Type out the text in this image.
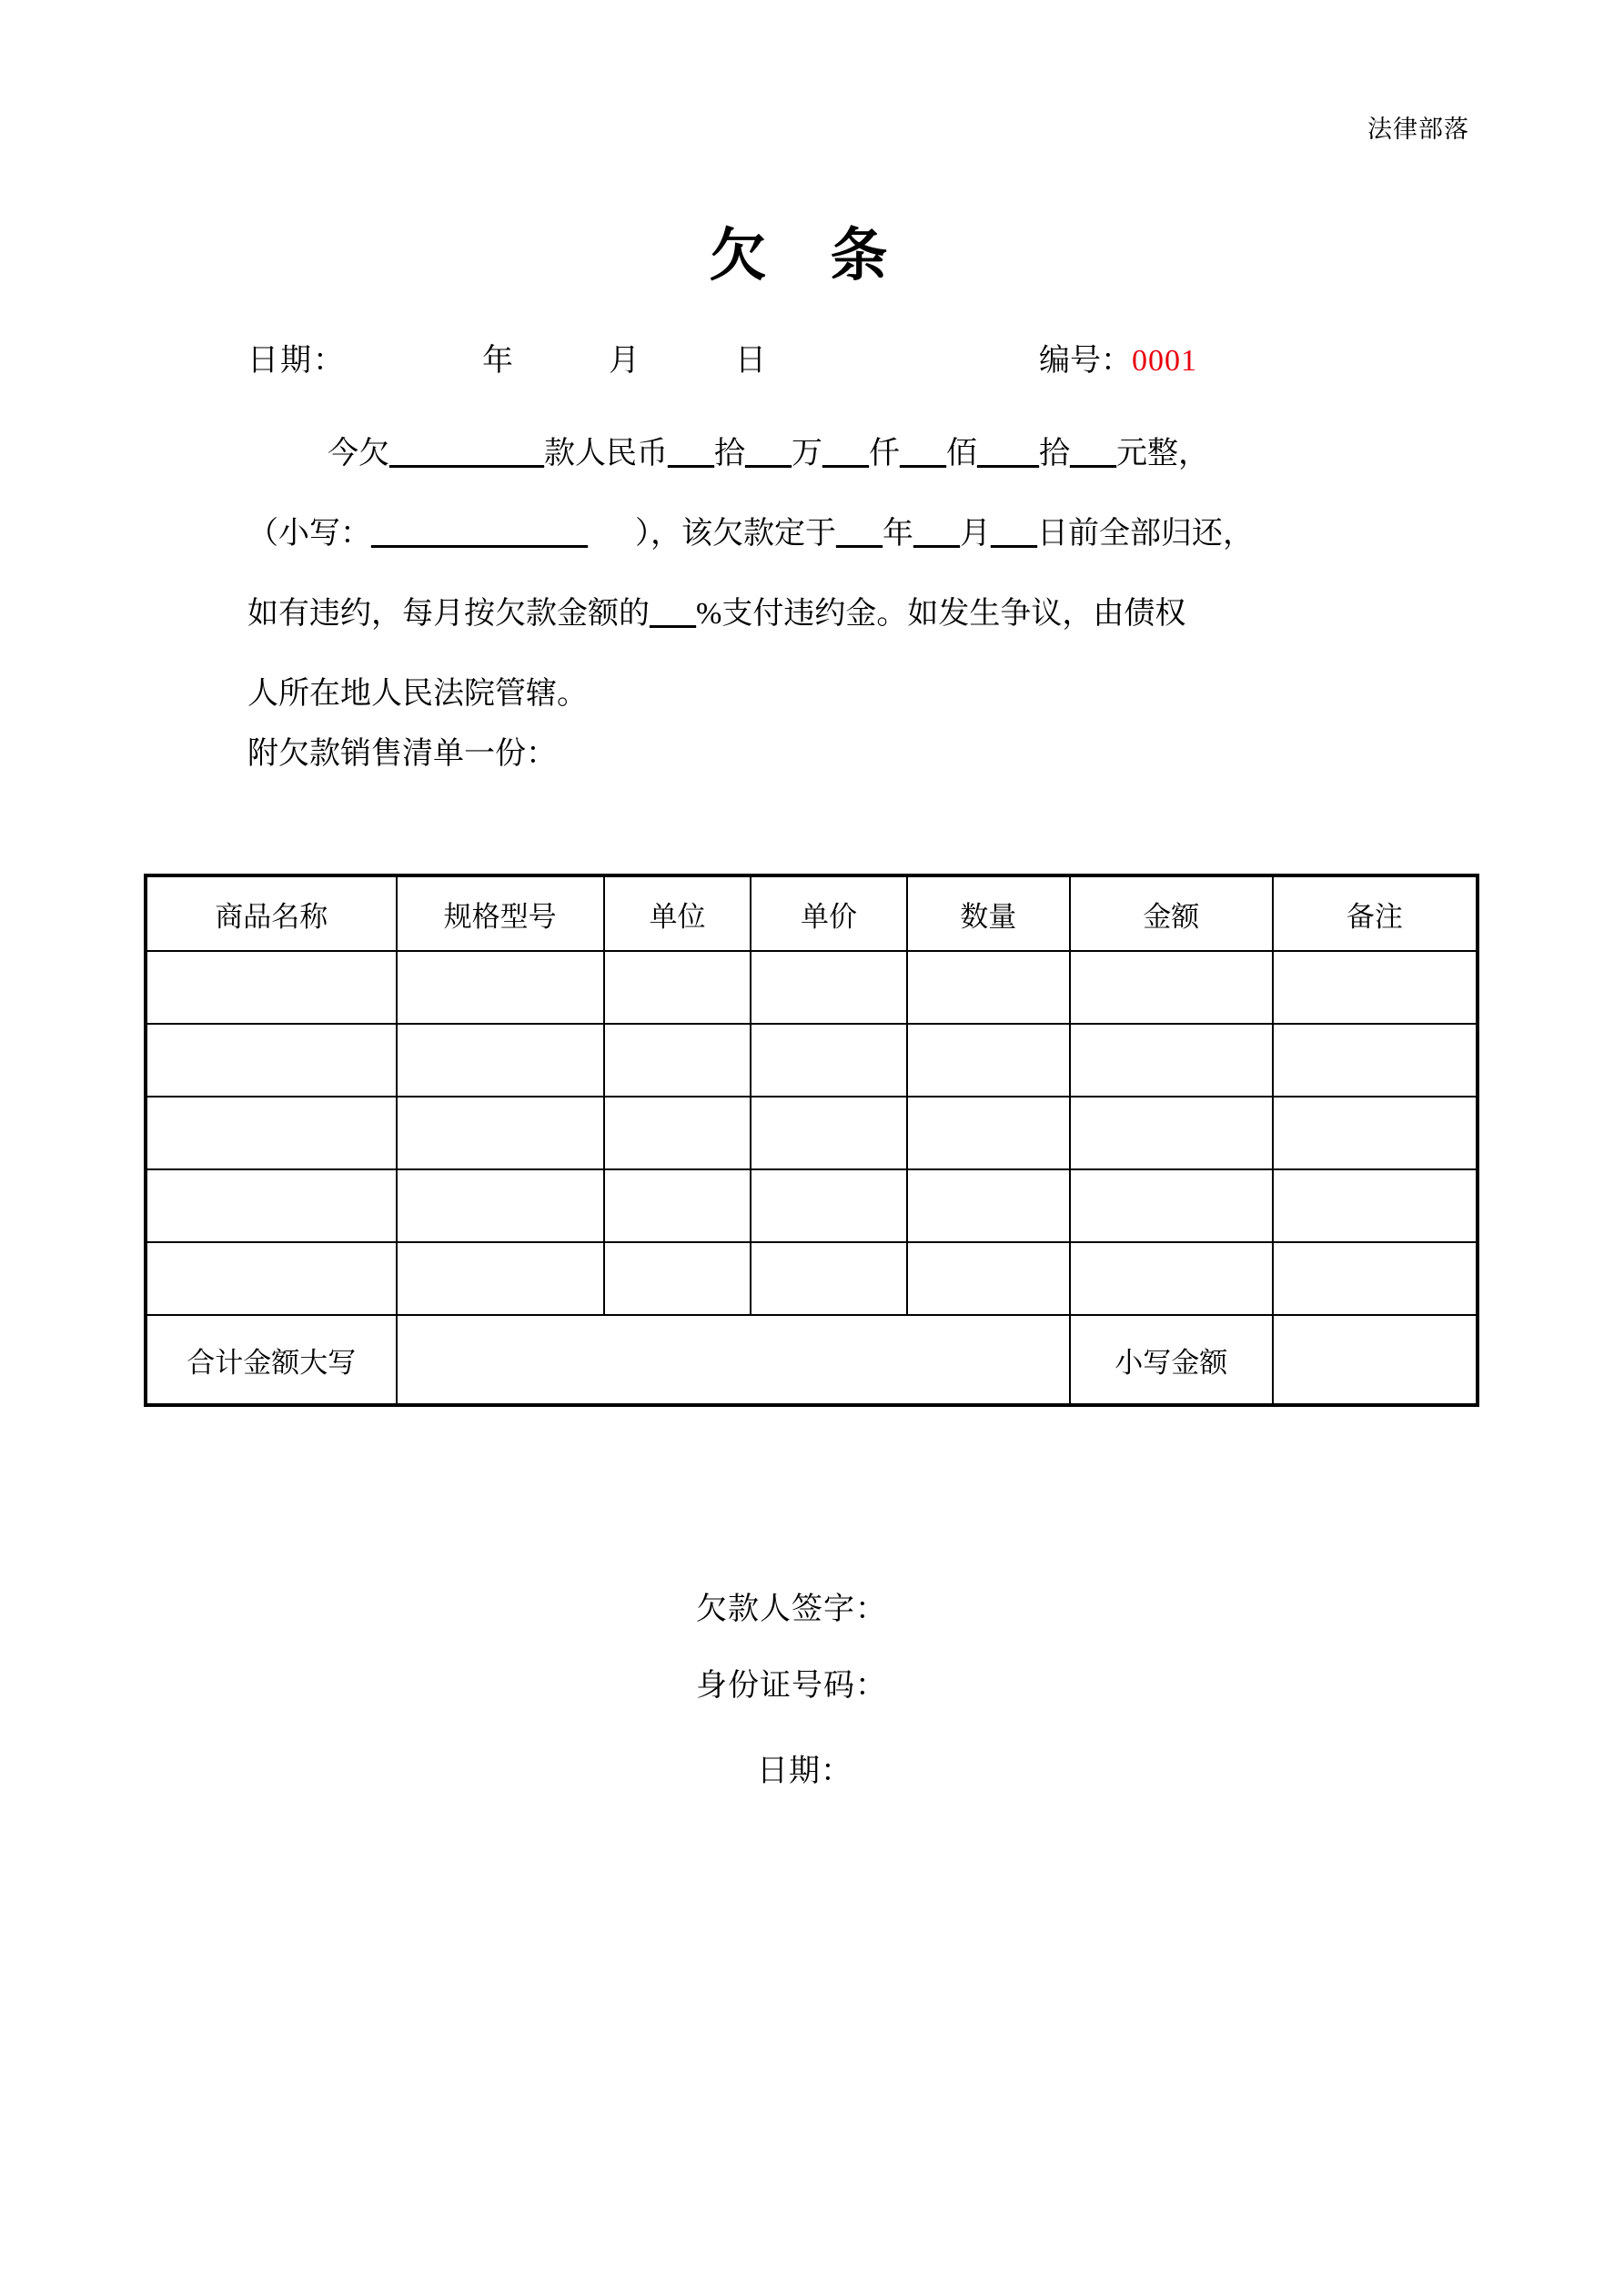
法律部落
欠 条
日期：	年	月	日	编号：0001

今欠__________款人民币___拾___万___仟___佰____拾___元整，

（小写：______________ ），该欠款定于___年___月___日前全部归还，

如有违约，每月按欠款金额的___%支付违约金。如发生争议，由债权

人所在地人民法院管辖。

附欠款销售清单一份：
商品名称	规格型号	单位	单价	数量	金额	备注

合计金额大写					小写金额	
欠款人签字：
身份证号码：
日期：
